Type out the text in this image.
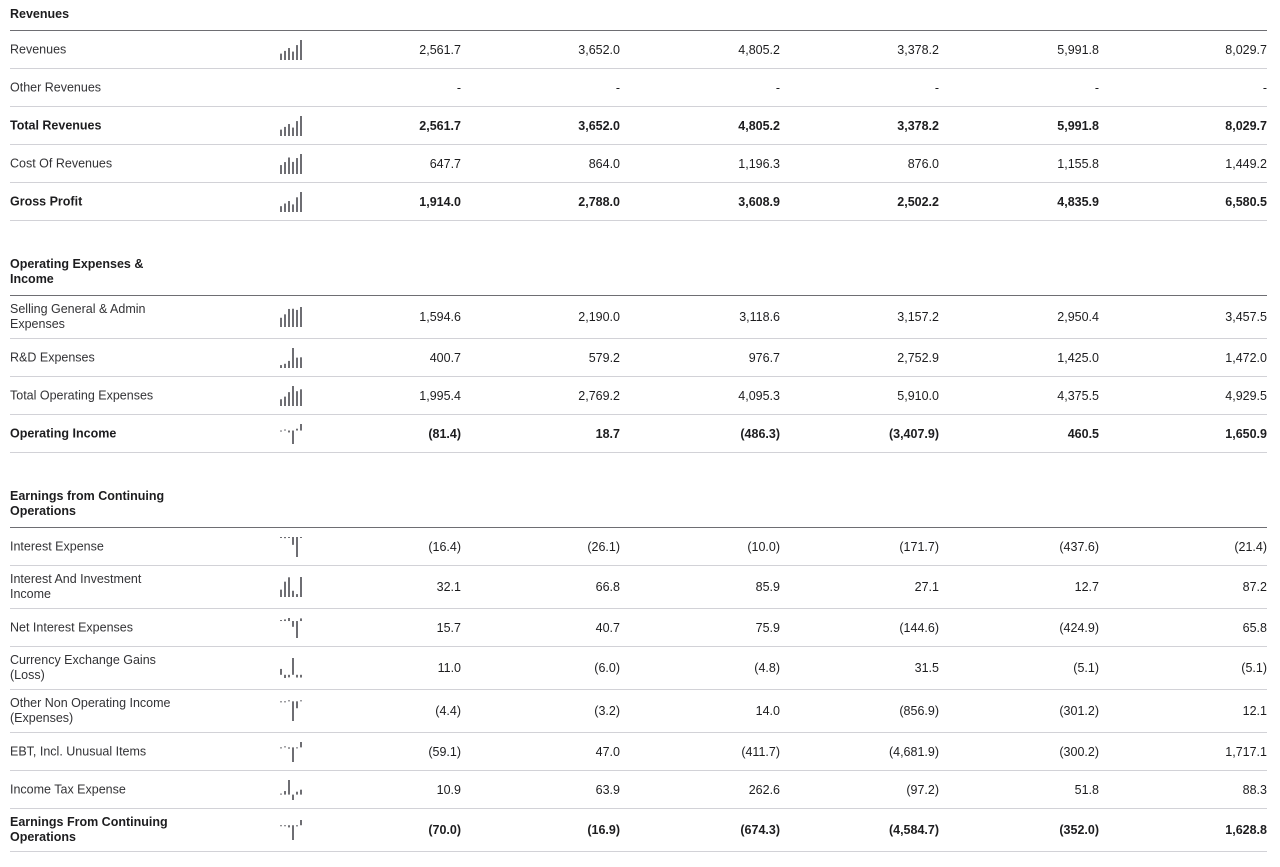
Revenues
Revenues	2,561.7	3,652.0	4,805.2	3,378.2	5,991.8	8,029.7
Other Revenues	-	-	-	-	-	-
Total Revenues	2,561.7	3,652.0	4,805.2	3,378.2	5,991.8	8,029.7
Cost Of Revenues	647.7	864.0	1,196.3	876.0	1,155.8	1,449.2
Gross Profit	1,914.0	2,788.0	3,608.9	2,502.2	4,835.9	6,580.5
Operating Expenses & Income
Selling General & Admin Expenses	1,594.6	2,190.0	3,118.6	3,157.2	2,950.4	3,457.5
R&D Expenses	400.7	579.2	976.7	2,752.9	1,425.0	1,472.0
Total Operating Expenses	1,995.4	2,769.2	4,095.3	5,910.0	4,375.5	4,929.5
Operating Income	(81.4)	18.7	(486.3)	(3,407.9)	460.5	1,650.9
Earnings from Continuing Operations
Interest Expense	(16.4)	(26.1)	(10.0)	(171.7)	(437.6)	(21.4)
Interest And Investment Income	32.1	66.8	85.9	27.1	12.7	87.2
Net Interest Expenses	15.7	40.7	75.9	(144.6)	(424.9)	65.8
Currency Exchange Gains (Loss)	11.0	(6.0)	(4.8)	31.5	(5.1)	(5.1)
Other Non Operating Income (Expenses)	(4.4)	(3.2)	14.0	(856.9)	(301.2)	12.1
EBT, Incl. Unusual Items	(59.1)	47.0	(411.7)	(4,681.9)	(300.2)	1,717.1
Income Tax Expense	10.9	63.9	262.6	(97.2)	51.8	88.3
Earnings From Continuing Operations	(70.0)	(16.9)	(674.3)	(4,584.7)	(352.0)	1,628.8
